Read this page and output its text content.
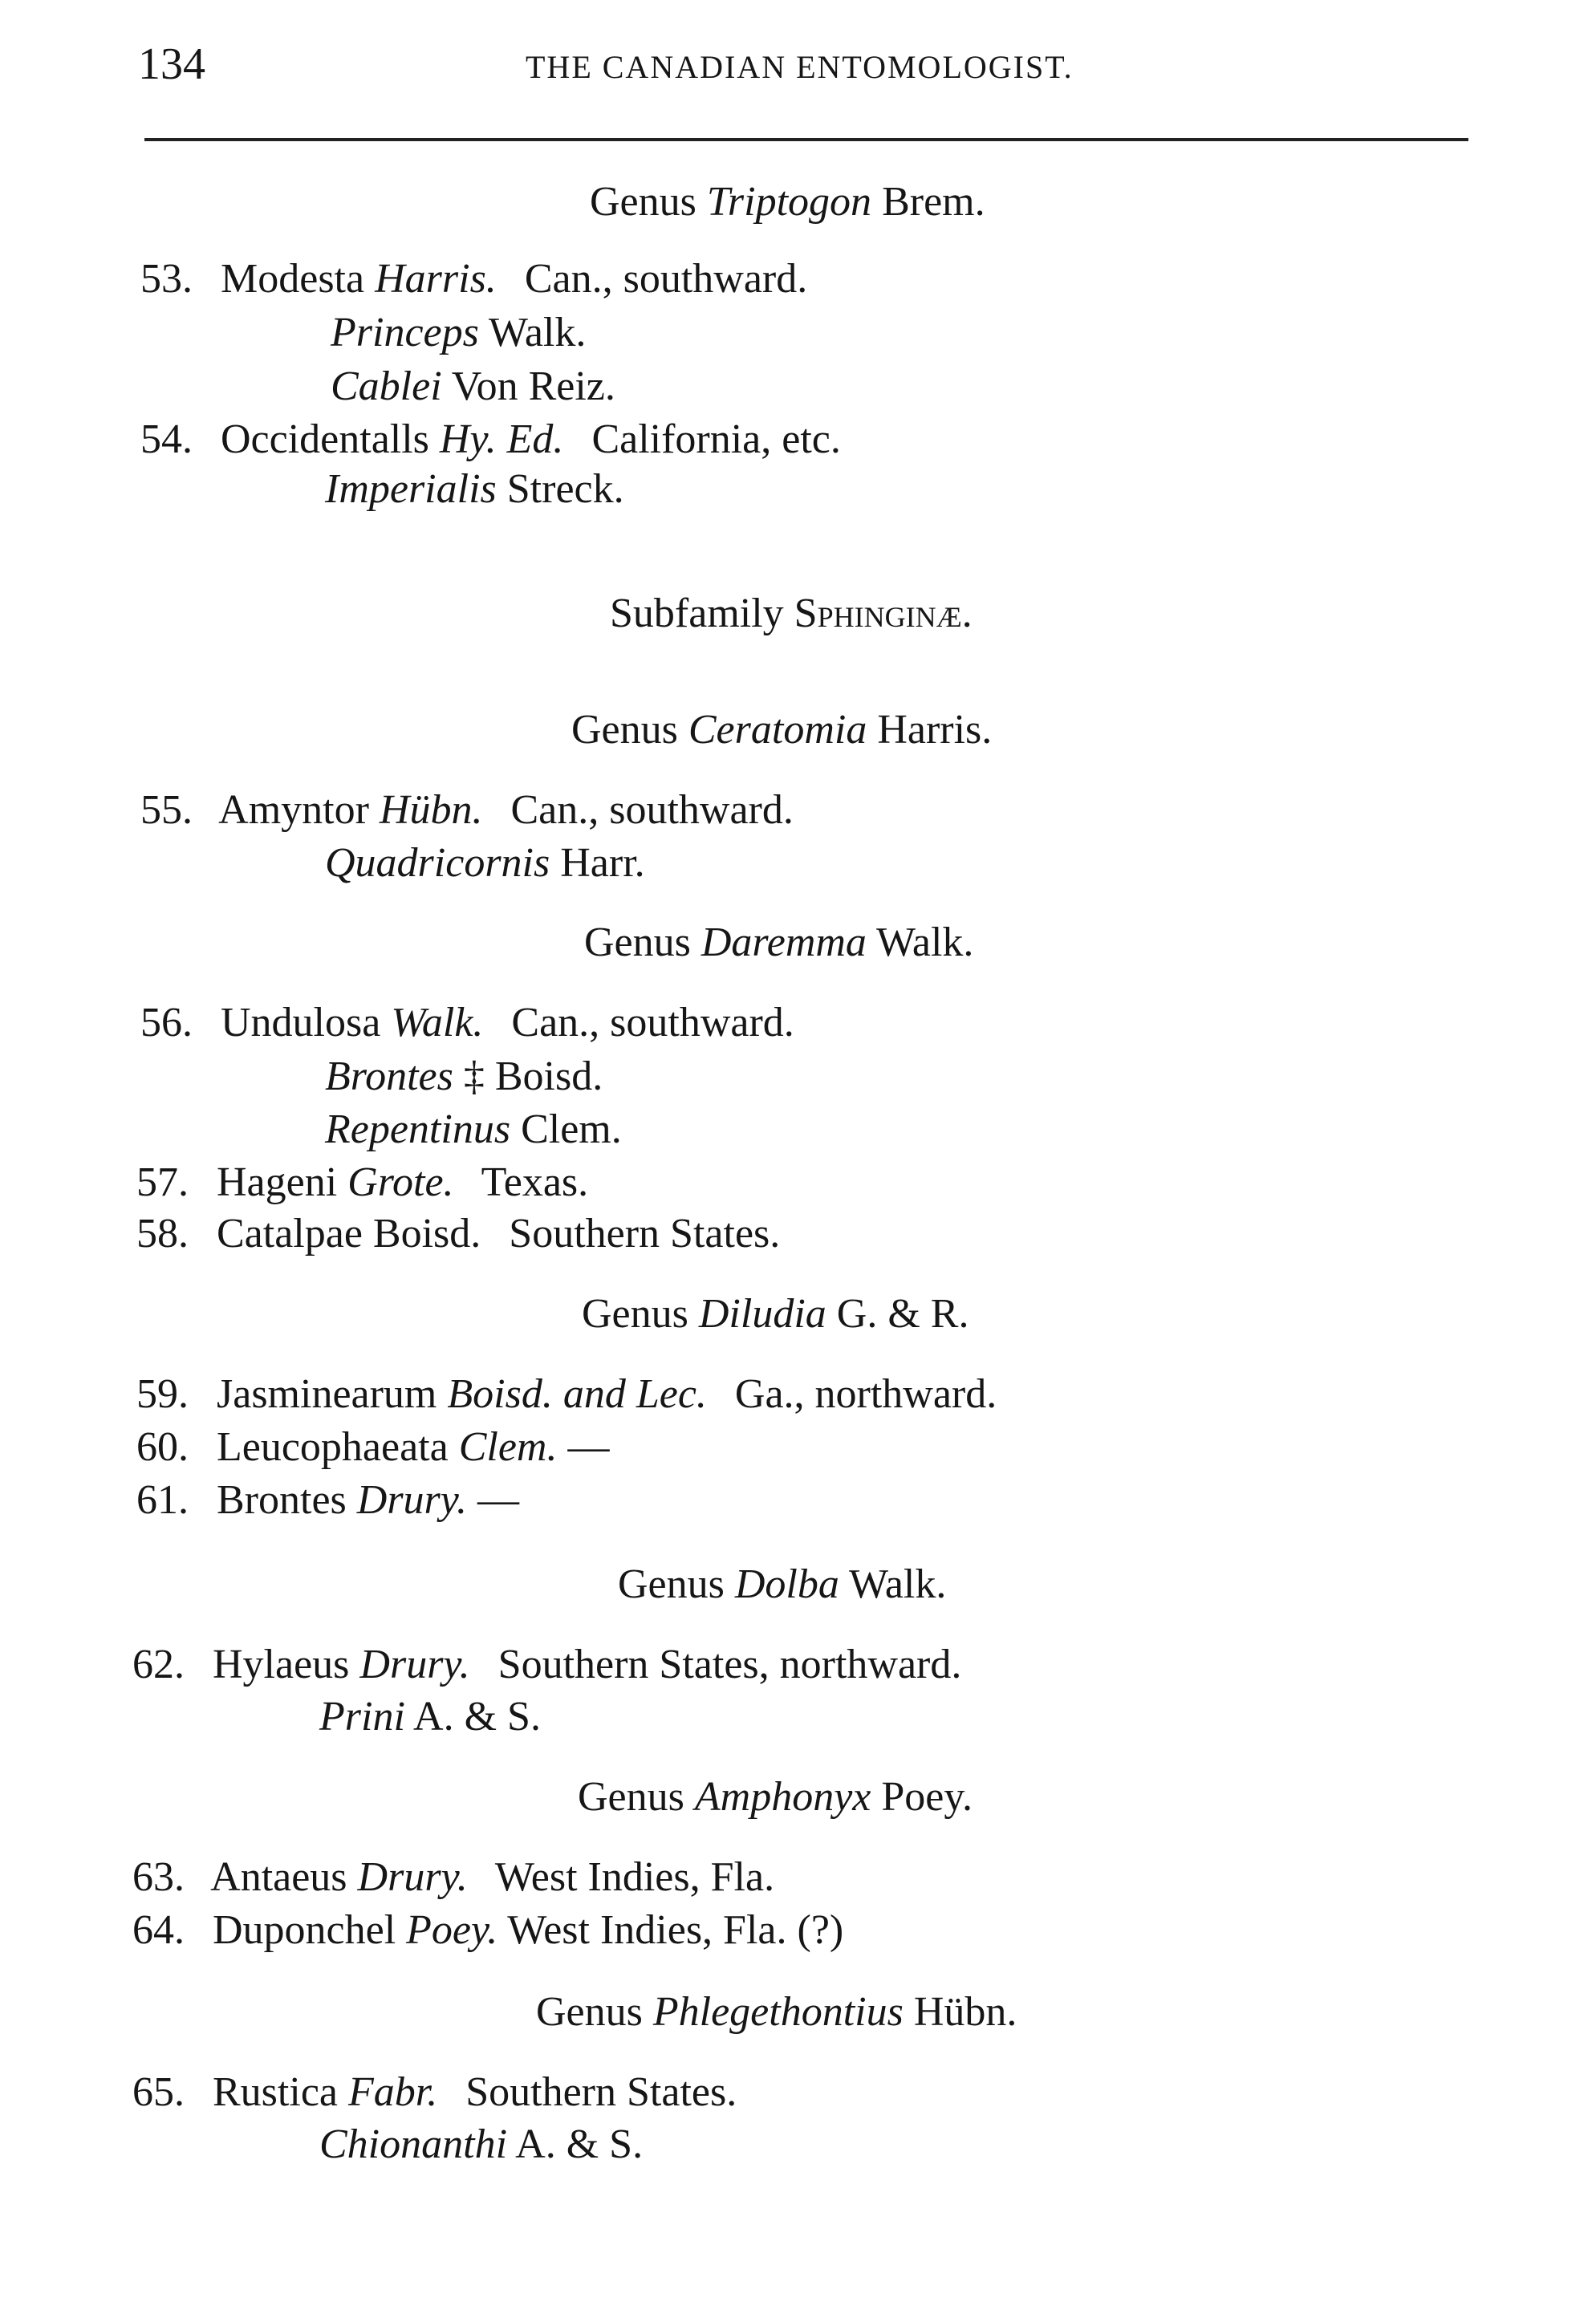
134	THE CANADIAN ENTOMOLOGIST.
Genus Triptogon Brem.
53. Modesta Harris. Can., southward.
Princeps Walk.
Cablei Von Reiz.
54. Occidentalls Hy. Ed. California, etc.
Imperialis Streck.
Subfamily Sphinginæ.
Genus Ceratomia Harris.
55. Amyntor Hübn. Can., southward.
Quadricornis Harr.
Genus Daremma Walk.
56. Undulosa Walk. Can., southward.
Brontes ‡ Boisd.
Repentinus Clem.
57. Hageni Grote. Texas.
58. Catalpae Boisd. Southern States.
Genus Diludia G. & R.
59. Jasminearum Boisd. and Lec. Ga., northward.
60. Leucophaeata Clem. —
61. Brontes Drury. —
Genus Dolba Walk.
62. Hylaeus Drury. Southern States, northward.
Prini A. & S.
Genus Amphonyx Poey.
63. Antaeus Drury. West Indies, Fla.
64. Duponchel Poey. West Indies, Fla. (?)
Genus Phlegethontius Hübn.
65. Rustica Fabr. Southern States.
Chionanthi A. & S.
